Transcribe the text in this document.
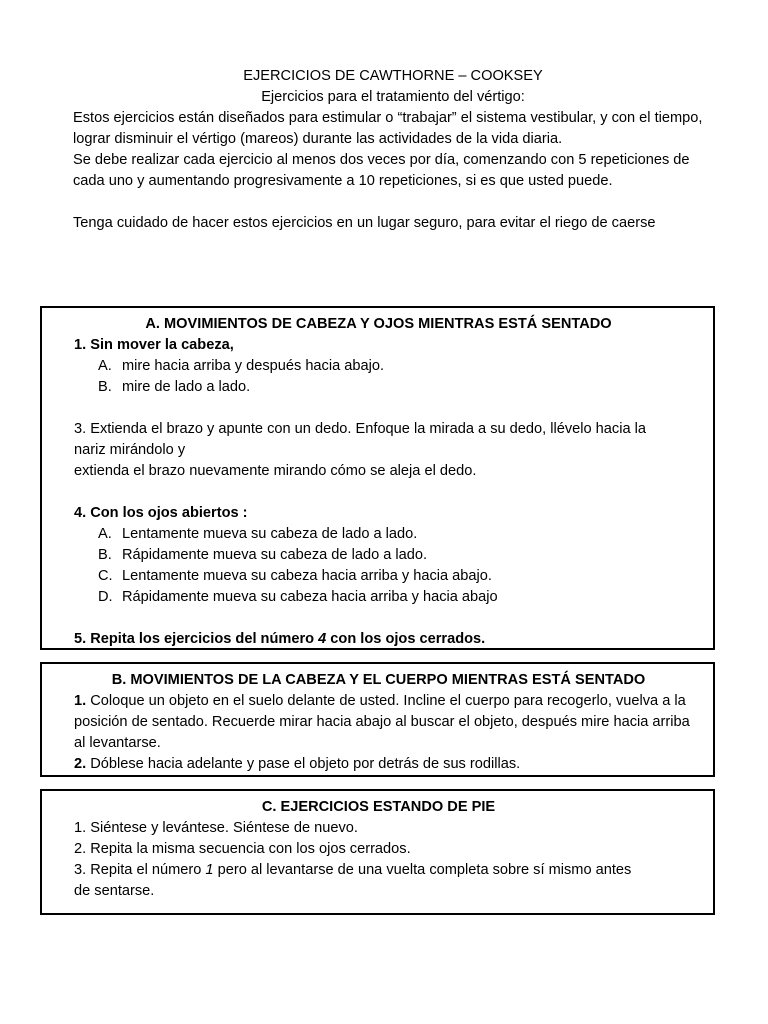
EJERCICIOS DE CAWTHORNE – COOKSEY
Ejercicios para el tratamiento del vértigo:
Estos ejercicios están diseñados para estimular o “trabajar” el sistema vestibular, y con el tiempo, lograr disminuir el vértigo (mareos) durante las actividades de la vida diaria.
Se debe realizar cada ejercicio al menos dos veces por día, comenzando con 5 repeticiones de cada uno y aumentando progresivamente a 10 repeticiones, si es que usted puede.
Tenga cuidado de hacer estos ejercicios en un lugar seguro, para evitar el riego de caerse
A. MOVIMIENTOS DE CABEZA Y OJOS MIENTRAS ESTÁ SENTADO
1. Sin mover la cabeza,
A. mire hacia arriba y después hacia abajo.
B. mire de lado a lado.
3. Extienda el brazo y apunte con un dedo. Enfoque la mirada a su dedo, llévelo hacia la nariz mirándolo y
extienda el brazo nuevamente mirando cómo se aleja el dedo.
4. Con los ojos abiertos :
A. Lentamente mueva su cabeza de lado a lado.
B. Rápidamente mueva su cabeza de lado a lado.
C. Lentamente mueva su cabeza hacia arriba y hacia abajo.
D. Rápidamente mueva su cabeza hacia arriba y hacia abajo
5. Repita los ejercicios del número 4 con los ojos cerrados.
B. MOVIMIENTOS DE LA CABEZA Y EL CUERPO MIENTRAS ESTÁ SENTADO
1. Coloque un objeto en el suelo delante de usted. Incline el cuerpo para recogerlo, vuelva a la posición de sentado. Recuerde mirar hacia abajo al buscar el objeto, después mire hacia arriba al levantarse.
2. Dóblese hacia adelante y pase el objeto por detrás de sus rodillas.
C. EJERCICIOS ESTANDO DE PIE
1. Siéntese y levántese. Siéntese de nuevo.
2. Repita la misma secuencia con los ojos cerrados.
3. Repita el número 1 pero al levantarse de una vuelta completa sobre sí mismo antes de sentarse.
